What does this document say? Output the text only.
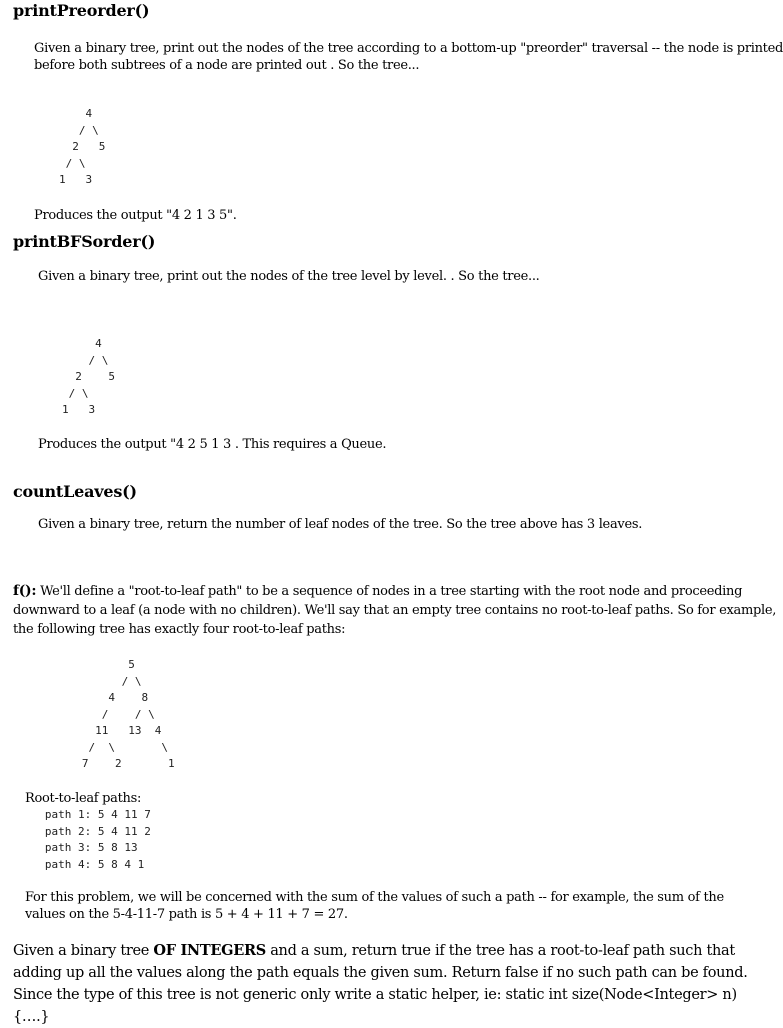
printPreorder()
Given a binary tree, print out the nodes of the tree according to a bottom-up "preorder" traversal -- the node is printed
before both subtrees of a node are printed out . So the tree...
4
/ \
2   5
/ \
1   3
Produces the output "4 2 1 3 5".
printBFSorder()
Given a binary tree, print out the nodes of the tree level by level. . So the tree...
4
/ \
2    5
/ \
1   3
Produces the output "4 2 5 1 3 . This requires a Queue.
countLeaves()
Given a binary tree, return the number of leaf nodes of the tree. So the tree above has 3 leaves.
f(): We'll define a "root-to-leaf path" to be a sequence of nodes in a tree starting with the root node and proceeding
downward to a leaf (a node with no children). We'll say that an empty tree contains no root-to-leaf paths. So for example,
the following tree has exactly four root-to-leaf paths:
5
/ \
4    8
/    / \
11   13  4
/  \       \
7    2       1
Root-to-leaf paths:
path 1: 5 4 11 7
path 2: 5 4 11 2
path 3: 5 8 13
path 4: 5 8 4 1
For this problem, we will be concerned with the sum of the values of such a path -- for example, the sum of the
values on the 5-4-11-7 path is 5 + 4 + 11 + 7 = 27.
Given a binary tree OF INTEGERS and a sum, return true if the tree has a root-to-leaf path such that adding up all the values along the path equals the given sum. Return false if no such path can be found. Since the type of this tree is not generic only write a static helper, ie: static int size(Node<Integer> n){….}
